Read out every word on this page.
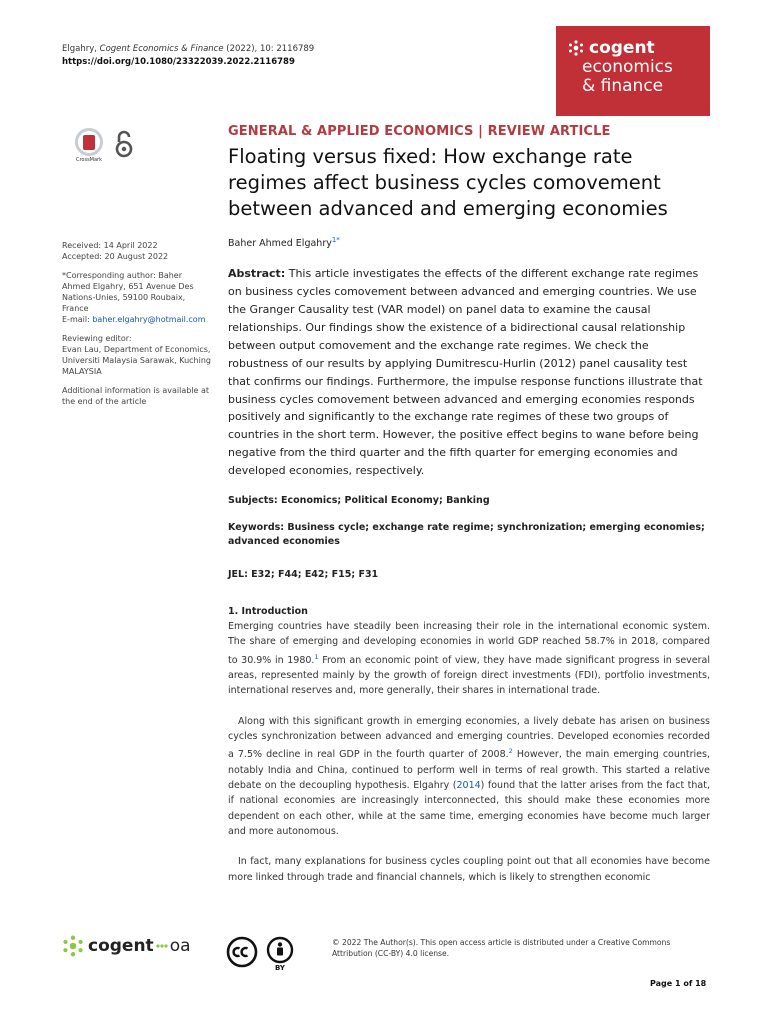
Elgahry, Cogent Economics & Finance (2022), 10: 2116789
https://doi.org/10.1080/23322039.2022.2116789
cogent
economics
& finance
CrossMark
Received: 14 April 2022
Accepted: 20 August 2022
*Corresponding author: Baher Ahmed Elgahry, 651 Avenue Des Nations-Unies, 59100 Roubaix, France
E-mail: baher.elgahry@hotmail.com
Reviewing editor:
Evan Lau, Department of Economics, Universiti Malaysia Sarawak, Kuching MALAYSIA
Additional information is available at the end of the article
GENERAL & APPLIED ECONOMICS | REVIEW ARTICLE
Floating versus fixed: How exchange rate regimes affect business cycles comovement between advanced and emerging economies
Baher Ahmed Elgahry$^{1*}$

Abstract: This article investigates the effects of the different exchange rate regimes on business cycles comovement between advanced and emerging countries. We use the Granger Causality test (VAR model) on panel data to examine the causal relationships. Our findings show the existence of a bidirectional causal relationship between output comovement and the exchange rate regimes. We check the robustness of our results by applying Dumitrescu-Hurlin (2012) panel causality test that confirms our findings. Furthermore, the impulse response functions illustrate that business cycles comovement between advanced and emerging economies responds positively and significantly to the exchange rate regimes of these two groups of countries in the short term. However, the positive effect begins to wane before being negative from the third quarter and the fifth quarter for emerging economies and developed economies, respectively.

Subjects: Economics; Political Economy; Banking
Keywords: Business cycle; exchange rate regime; synchronization; emerging economies; advanced economies
JEL: E32; F44; E42; F15; F31
1. Introduction

Emerging countries have steadily been increasing their role in the international economic system. The share of emerging and developing economies in world GDP reached 58.7% in 2018, compared to 30.9% in 1980.$^1$ From an economic point of view, they have made significant progress in several areas, represented mainly by the growth of foreign direct investments (FDI), portfolio investments, international reserves and, more generally, their shares in international trade.

Along with this significant growth in emerging economies, a lively debate has arisen on business cycles synchronization between advanced and emerging countries. Developed economies recorded a 7.5% decline in real GDP in the fourth quarter of 2008.$^2$ However, the main emerging countries, notably India and China, continued to perform well in terms of real growth. This started a relative debate on the decoupling hypothesis. Elgahry (2014) found that the latter arises from the fact that, if national economies are increasingly interconnected, this should make these economies more dependent on each other, while at the same time, emerging economies have become much larger and more autonomous.

In fact, many explanations for business cycles coupling point out that all economies have become more linked through trade and financial channels, which is likely to strengthen economic

cogent oa
BY
© 2022 The Author(s). This open access article is distributed under a Creative Commons Attribution (CC-BY) 4.0 license.
Page 1 of 18
